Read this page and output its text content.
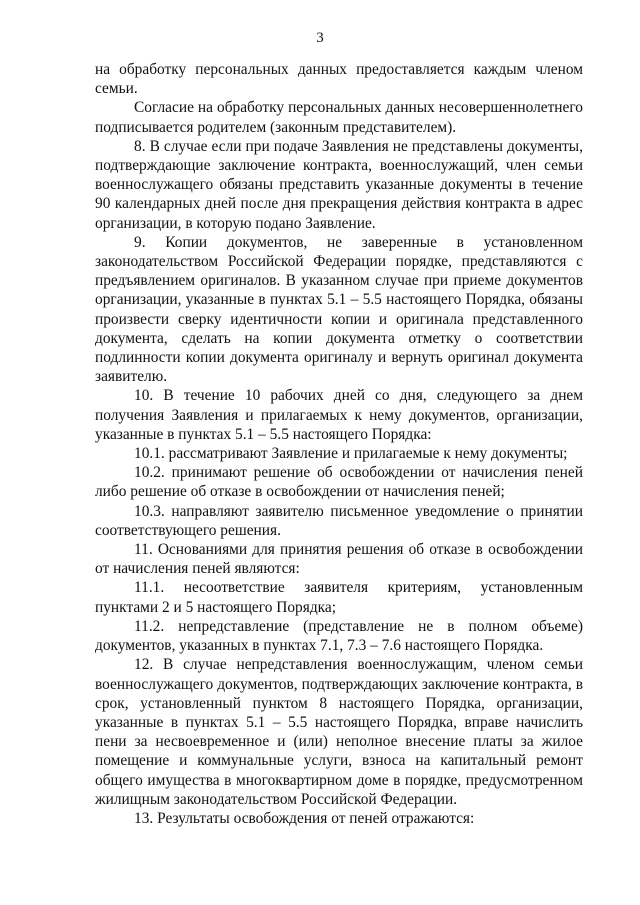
3

на обработку персональных данных предоставляется каждым членом семьи.

Согласие на обработку персональных данных несовершеннолетнего подписывается родителем (законным представителем).

8. В случае если при подаче Заявления не представлены документы, подтверждающие заключение контракта, военнослужащий, член семьи военнослужащего обязаны представить указанные документы в течение 90 календарных дней после дня прекращения действия контракта в адрес организации, в которую подано Заявление.

9. Копии документов, не заверенные в установленном законодательством Российской Федерации порядке, представляются с предъявлением оригиналов. В указанном случае при приеме документов организации, указанные в пунктах 5.1 – 5.5 настоящего Порядка, обязаны произвести сверку идентичности копии и оригинала представленного документа, сделать на копии документа отметку о соответствии подлинности копии документа оригиналу и вернуть оригинал документа заявителю.

10. В течение 10 рабочих дней со дня, следующего за днем получения Заявления и прилагаемых к нему документов, организации, указанные в пунктах 5.1 – 5.5 настоящего Порядка:

10.1. рассматривают Заявление и прилагаемые к нему документы;

10.2. принимают решение об освобождении от начисления пеней либо решение об отказе в освобождении от начисления пеней;

10.3. направляют заявителю письменное уведомление о принятии соответствующего решения.

11. Основаниями для принятия решения об отказе в освобождении от начисления пеней являются:

11.1. несоответствие заявителя критериям, установленным пунктами 2 и 5 настоящего Порядка;

11.2. непредставление (представление не в полном объеме) документов, указанных в пунктах 7.1, 7.3 – 7.6 настоящего Порядка.

12. В случае непредставления военнослужащим, членом семьи военнослужащего документов, подтверждающих заключение контракта, в срок, установленный пунктом 8 настоящего Порядка, организации, указанные в пунктах 5.1 – 5.5 настоящего Порядка, вправе начислить пени за несвоевременное и (или) неполное внесение платы за жилое помещение и коммунальные услуги, взноса на капитальный ремонт общего имущества в многоквартирном доме в порядке, предусмотренном жилищным законодательством Российской Федерации.

13. Результаты освобождения от пеней отражаются:
